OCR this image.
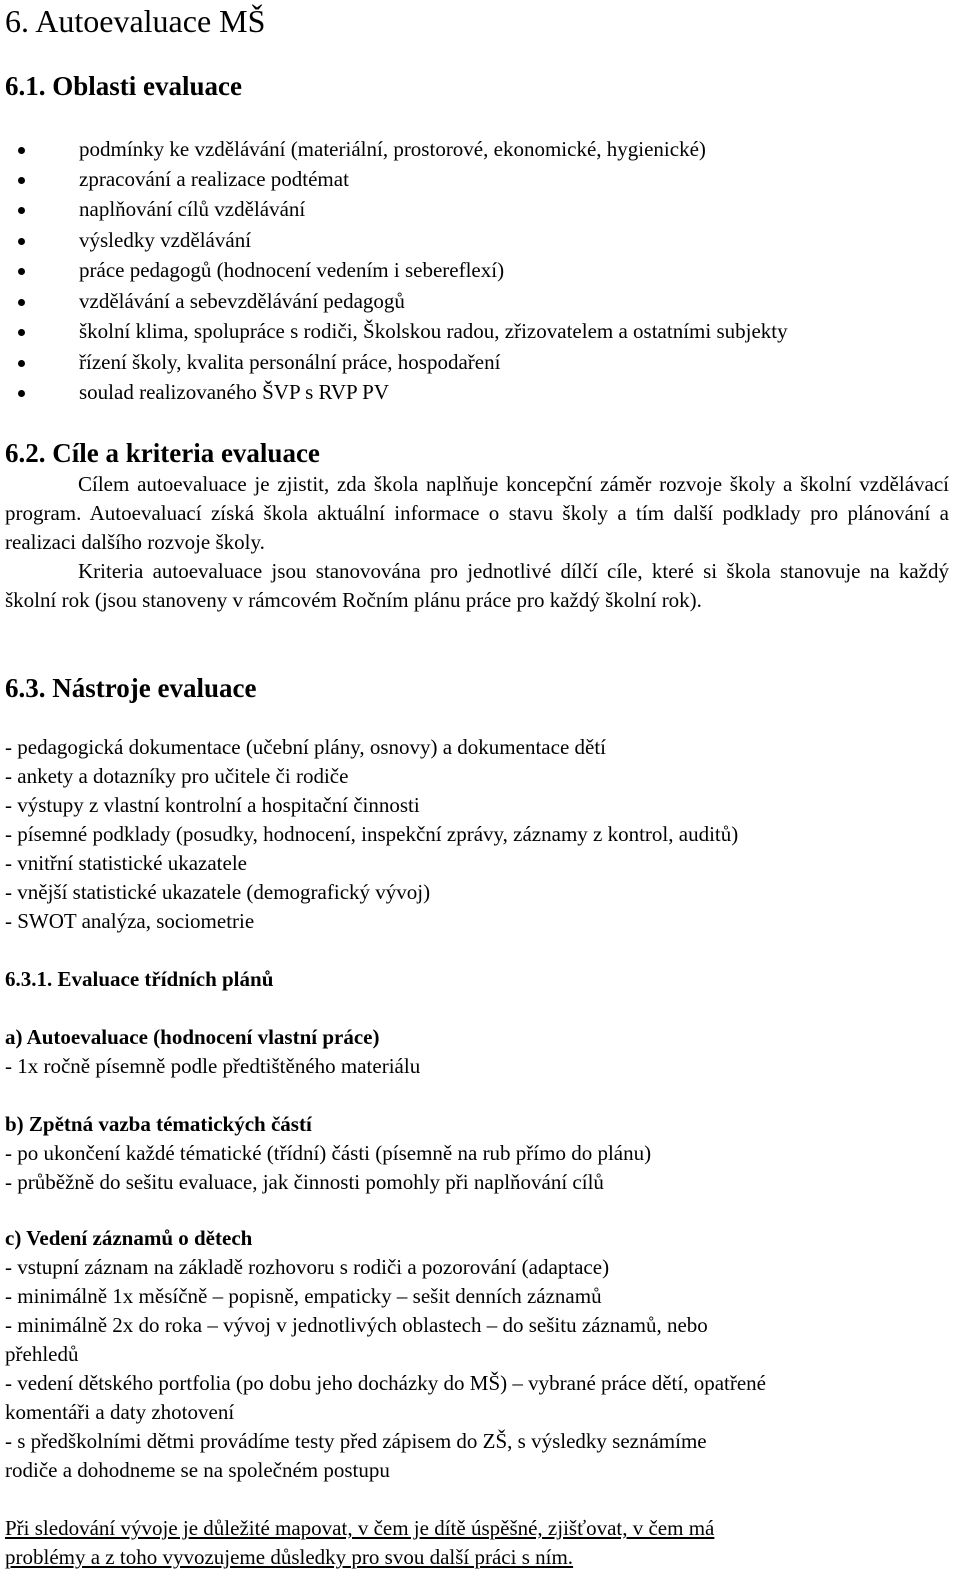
6. Autoevaluace MŠ
6.1. Oblasti evaluace
podmínky ke vzdělávání (materiální, prostorové, ekonomické, hygienické)
zpracování a realizace podtémat
naplňování cílů vzdělávání
výsledky vzdělávání
práce pedagogů (hodnocení vedením i sebereflexí)
vzdělávání a sebevzdělávání pedagogů
školní klima, spolupráce s rodiči, Školskou radou, zřizovatelem a ostatními subjekty
řízení školy, kvalita personální práce, hospodaření
soulad realizovaného ŠVP s RVP PV
6.2. Cíle a kriteria evaluace
Cílem autoevaluace je zjistit, zda škola naplňuje koncepční záměr rozvoje školy a školní vzdělávací program. Autoevaluací získá škola aktuální informace o stavu školy a tím další podklady pro plánování a realizaci dalšího rozvoje školy.
Kriteria autoevaluace jsou stanovována pro jednotlivé dílčí cíle, které si škola stanovuje na každý školní rok (jsou stanoveny v rámcovém Ročním plánu práce pro každý školní rok).
6.3. Nástroje evaluace
- pedagogická dokumentace (učební plány, osnovy) a dokumentace dětí
- ankety a dotazníky pro učitele či rodiče
- výstupy z vlastní kontrolní a hospitační činnosti
- písemné podklady (posudky, hodnocení, inspekční zprávy, záznamy z kontrol, auditů)
- vnitřní statistické ukazatele
- vnější statistické ukazatele (demografický vývoj)
- SWOT analýza, sociometrie
6.3.1. Evaluace třídních plánů
a) Autoevaluace (hodnocení vlastní práce)
- 1x ročně písemně podle předtištěného materiálu
b) Zpětná vazba tématických částí
- po ukončení každé tématické (třídní) části (písemně na rub přímo do plánu)
- průběžně do sešitu evaluace, jak činnosti pomohly při naplňování cílů
c) Vedení záznamů o dětech
- vstupní záznam na základě rozhovoru s rodiči a pozorování (adaptace)
- minimálně 1x měsíčně – popisně, empaticky – sešit denních záznamů
- minimálně 2x do roka – vývoj v jednotlivých oblastech – do sešitu záznamů, nebo
přehledů
- vedení dětského portfolia (po dobu jeho docházky do MŠ) – vybrané práce dětí, opatřené
komentáři a daty zhotovení
- s předškolními dětmi provádíme testy před zápisem do ZŠ, s výsledky seznámíme
rodiče a dohodneme se na společném postupu
Při sledování vývoje je důležité mapovat, v čem je dítě úspěšné, zjišťovat, v čem má
problémy a z toho vyvozujeme důsledky pro svou další práci s ním.
